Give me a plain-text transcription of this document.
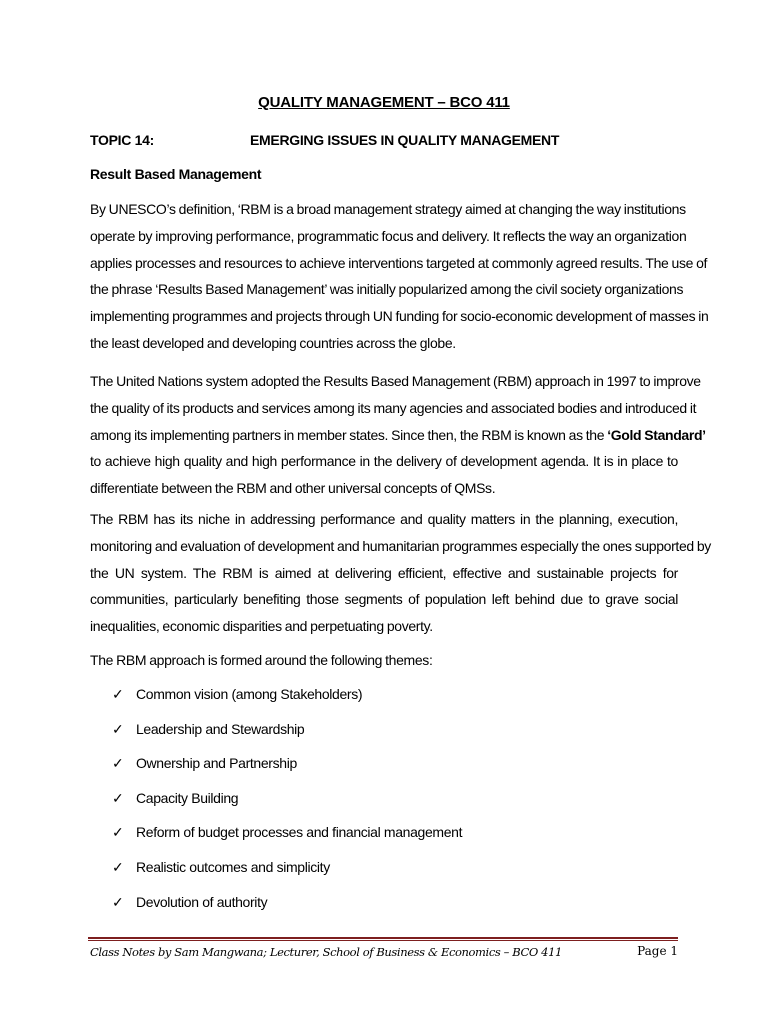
QUALITY MANAGEMENT – BCO 411
TOPIC 14:	EMERGING ISSUES IN QUALITY MANAGEMENT
Result Based Management
By UNESCO’s definition, ‘RBM is a broad management strategy aimed at changing the way institutions
operate by improving performance, programmatic focus and delivery. It reflects the way an organization
applies processes and resources to achieve interventions targeted at commonly agreed results. The use of
the phrase ‘Results Based Management’ was initially popularized among the civil society organizations
implementing programmes and projects through UN funding for socio-economic development of masses in
the least developed and developing countries across the globe.
The United Nations system adopted the Results Based Management (RBM) approach in 1997 to improve
the quality of its products and services among its many agencies and associated bodies and introduced it
among its implementing partners in member states. Since then, the RBM is known as the ‘Gold Standard’
to achieve high quality and high performance in the delivery of development agenda. It is in place to
differentiate between the RBM and other universal concepts of QMSs.
The RBM has its niche in addressing performance and quality matters in the planning, execution,
monitoring and evaluation of development and humanitarian programmes especially the ones supported by
the UN system. The RBM is aimed at delivering efficient, effective and sustainable projects for
communities, particularly benefiting those segments of population left behind due to grave social
inequalities, economic disparities and perpetuating poverty.
The RBM approach is formed around the following themes:
✓ Common vision (among Stakeholders)
✓ Leadership and Stewardship
✓ Ownership and Partnership
✓ Capacity Building
✓ Reform of budget processes and financial management
✓ Realistic outcomes and simplicity
✓ Devolution of authority
Class Notes by Sam Mangwana; Lecturer, School of Business & Economics – BCO 411	Page 1
